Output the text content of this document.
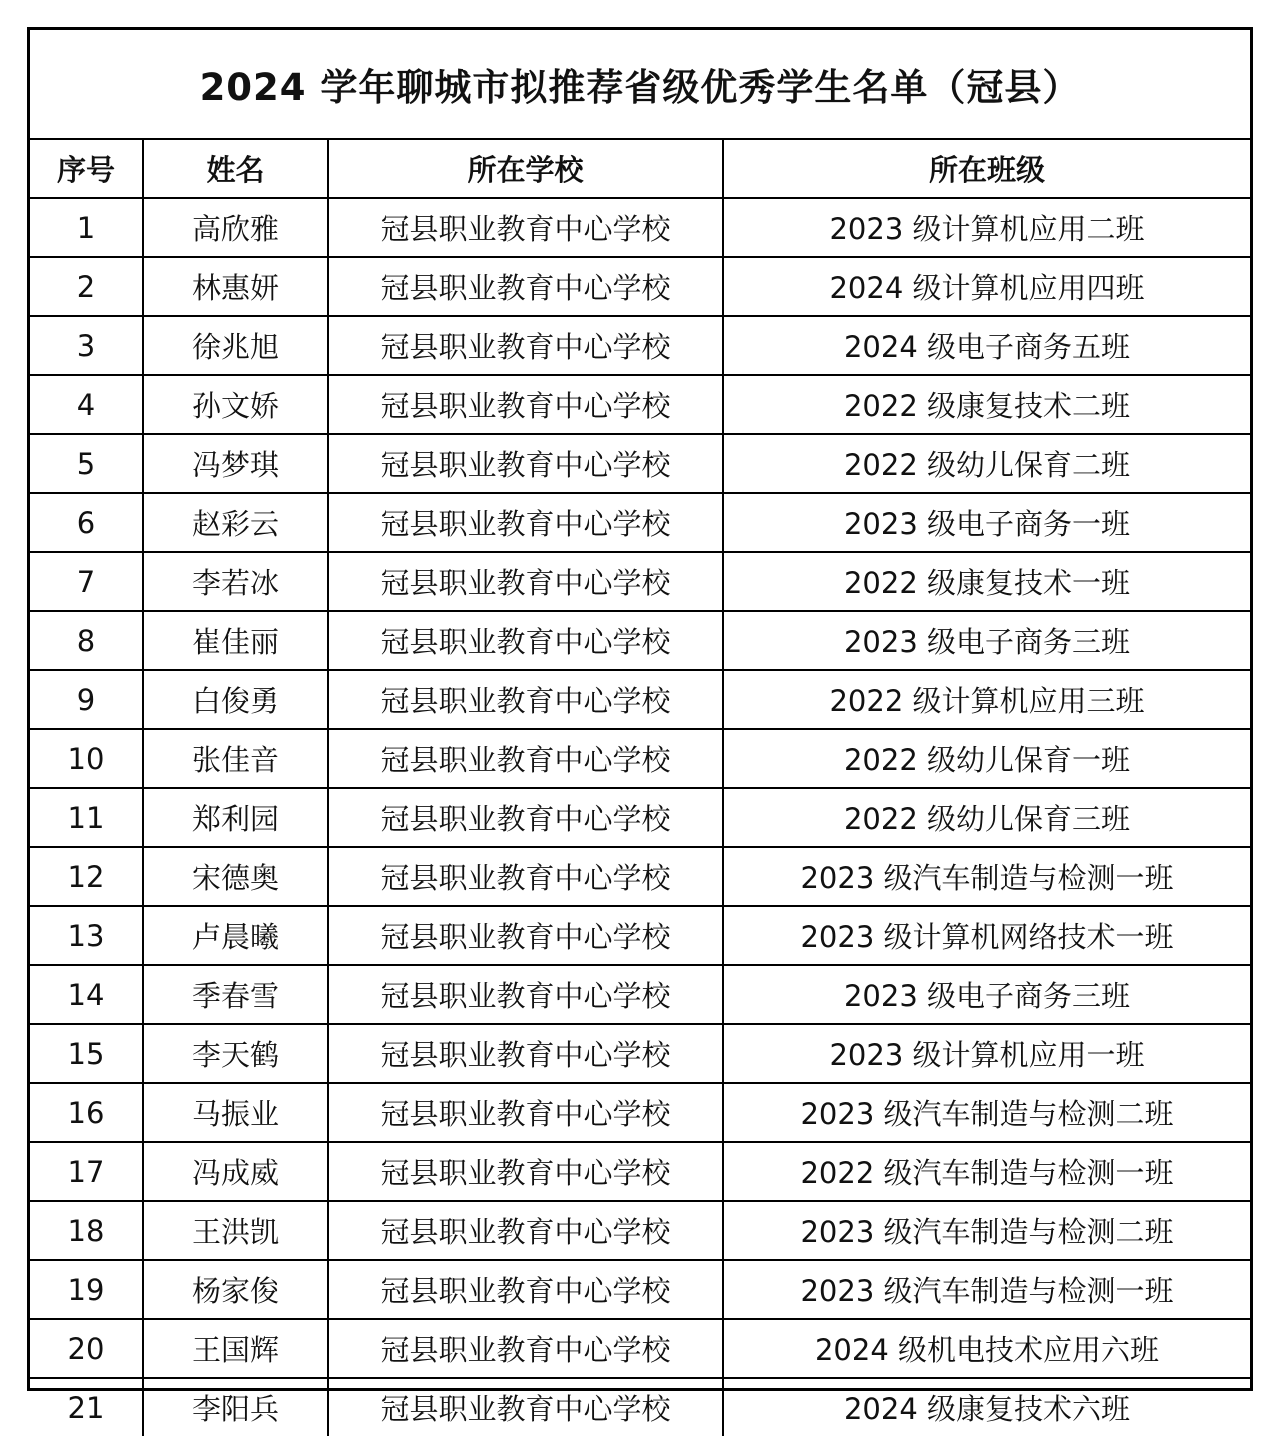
2024 学年聊城市拟推荐省级优秀学生名单（冠县）			
序号	姓名	所在学校	所在班级
1	高欣雅	冠县职业教育中心学校	2023 级计算机应用二班
2	林惠妍	冠县职业教育中心学校	2024 级计算机应用四班
3	徐兆旭	冠县职业教育中心学校	2024 级电子商务五班
4	孙文娇	冠县职业教育中心学校	2022 级康复技术二班
5	冯梦琪	冠县职业教育中心学校	2022 级幼儿保育二班
6	赵彩云	冠县职业教育中心学校	2023 级电子商务一班
7	李若冰	冠县职业教育中心学校	2022 级康复技术一班
8	崔佳丽	冠县职业教育中心学校	2023 级电子商务三班
9	白俊勇	冠县职业教育中心学校	2022 级计算机应用三班
10	张佳音	冠县职业教育中心学校	2022 级幼儿保育一班
11	郑利园	冠县职业教育中心学校	2022 级幼儿保育三班
12	宋德奥	冠县职业教育中心学校	2023 级汽车制造与检测一班
13	卢晨曦	冠县职业教育中心学校	2023 级计算机网络技术一班
14	季春雪	冠县职业教育中心学校	2023 级电子商务三班
15	李天鹤	冠县职业教育中心学校	2023 级计算机应用一班
16	马振业	冠县职业教育中心学校	2023 级汽车制造与检测二班
17	冯成威	冠县职业教育中心学校	2022 级汽车制造与检测一班
18	王洪凯	冠县职业教育中心学校	2023 级汽车制造与检测二班
19	杨家俊	冠县职业教育中心学校	2023 级汽车制造与检测一班
20	王国辉	冠县职业教育中心学校	2024 级机电技术应用六班
21	李阳兵	冠县职业教育中心学校	2024 级康复技术六班
